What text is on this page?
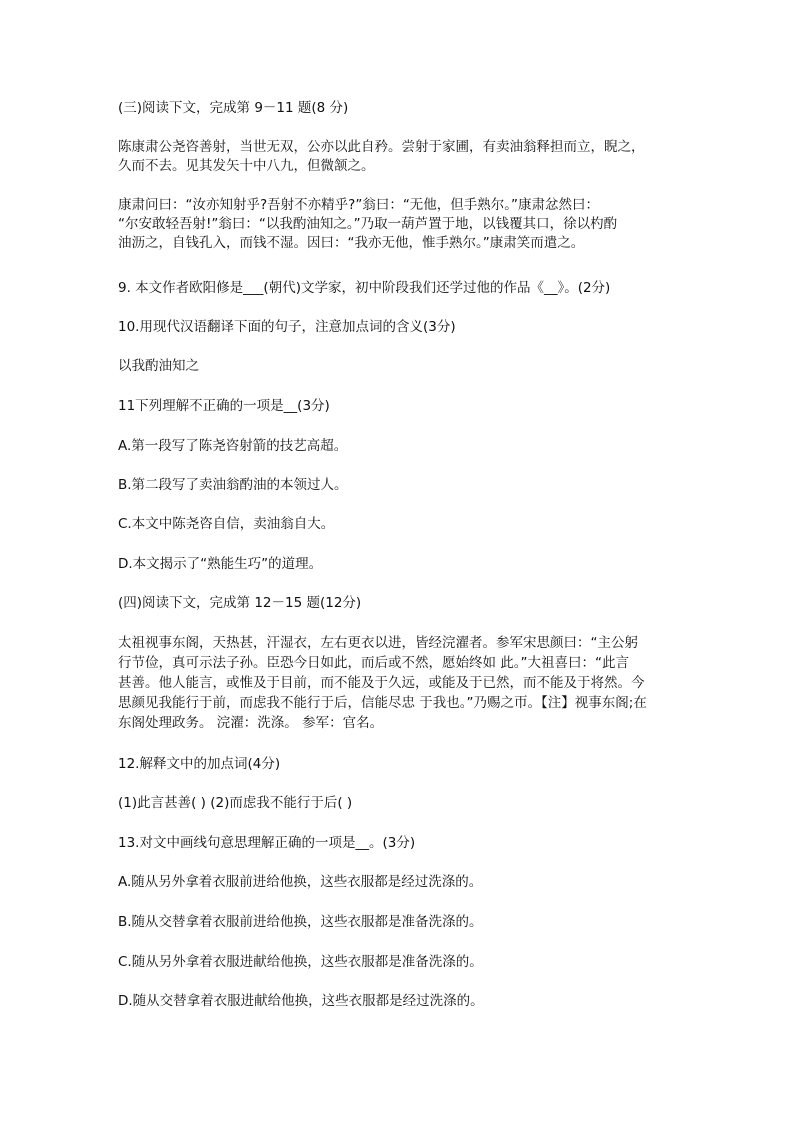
(三)阅读下文，完成第 9－11 题(8 分)
陈康肃公尧咨善射，当世无双，公亦以此自矜。尝射于家圃，有卖油翁释担而立，睨之，
久而不去。见其发矢十中八九，但微颔之。
康肃问曰：“汝亦知射乎?吾射不亦精乎?”翁曰：“无他，但手熟尔。”康肃忿然曰：
“尔安敢轻吾射!”翁曰：“以我酌油知之。”乃取一葫芦置于地，以钱覆其口，徐以杓酌
油沥之，自钱孔入，而钱不湿。因曰：“我亦无他，惟手熟尔。”康肃笑而遣之。
9. 本文作者欧阳修是___(朝代)文学家，初中阶段我们还学过他的作品《__》。(2分)
10.用现代汉语翻译下面的句子，注意加点词的含义(3分)
以我酌油知之
11下列理解不正确的一项是__(3分)
A.第一段写了陈尧咨射箭的技艺高超。
B.第二段写了卖油翁酌油的本领过人。
C.本文中陈尧咨自信，卖油翁自大。
D.本文揭示了“熟能生巧”的道理。
(四)阅读下文，完成第 12－15 题(12分)
太祖视事东阁，天热甚，汗湿衣，左右更衣以进，皆经浣濯者。参军宋思颜曰：“主公躬
行节俭，真可示法子孙。臣恐今日如此，而后或不然，愿始终如 此。”大祖喜曰：“此言
甚善。他人能言，或惟及于目前，而不能及于久远，或能及于已然，而不能及于将然。今
思颜见我能行于前，而虑我不能行于后，信能尽忠 于我也。”乃赐之帀。【注】视事东阁;在
东阁处理政务。 浣濯：洗涤。 参军：官名。
12.解释文中的加点词(4分)
(1)此言甚善( ) (2)而虑我不能行于后( )
13.对文中画线句意思理解正确的一项是__。(3分)
A.随从另外拿着衣服前进给他换，这些衣服都是经过洗涤的。
B.随从交替拿着衣服前进给他换，这些衣服都是准备洗涤的。
C.随从另外拿着衣服进献给他换，这些衣服都是准备洗涤的。
D.随从交替拿着衣服进献给他换，这些衣服都是经过洗涤的。
